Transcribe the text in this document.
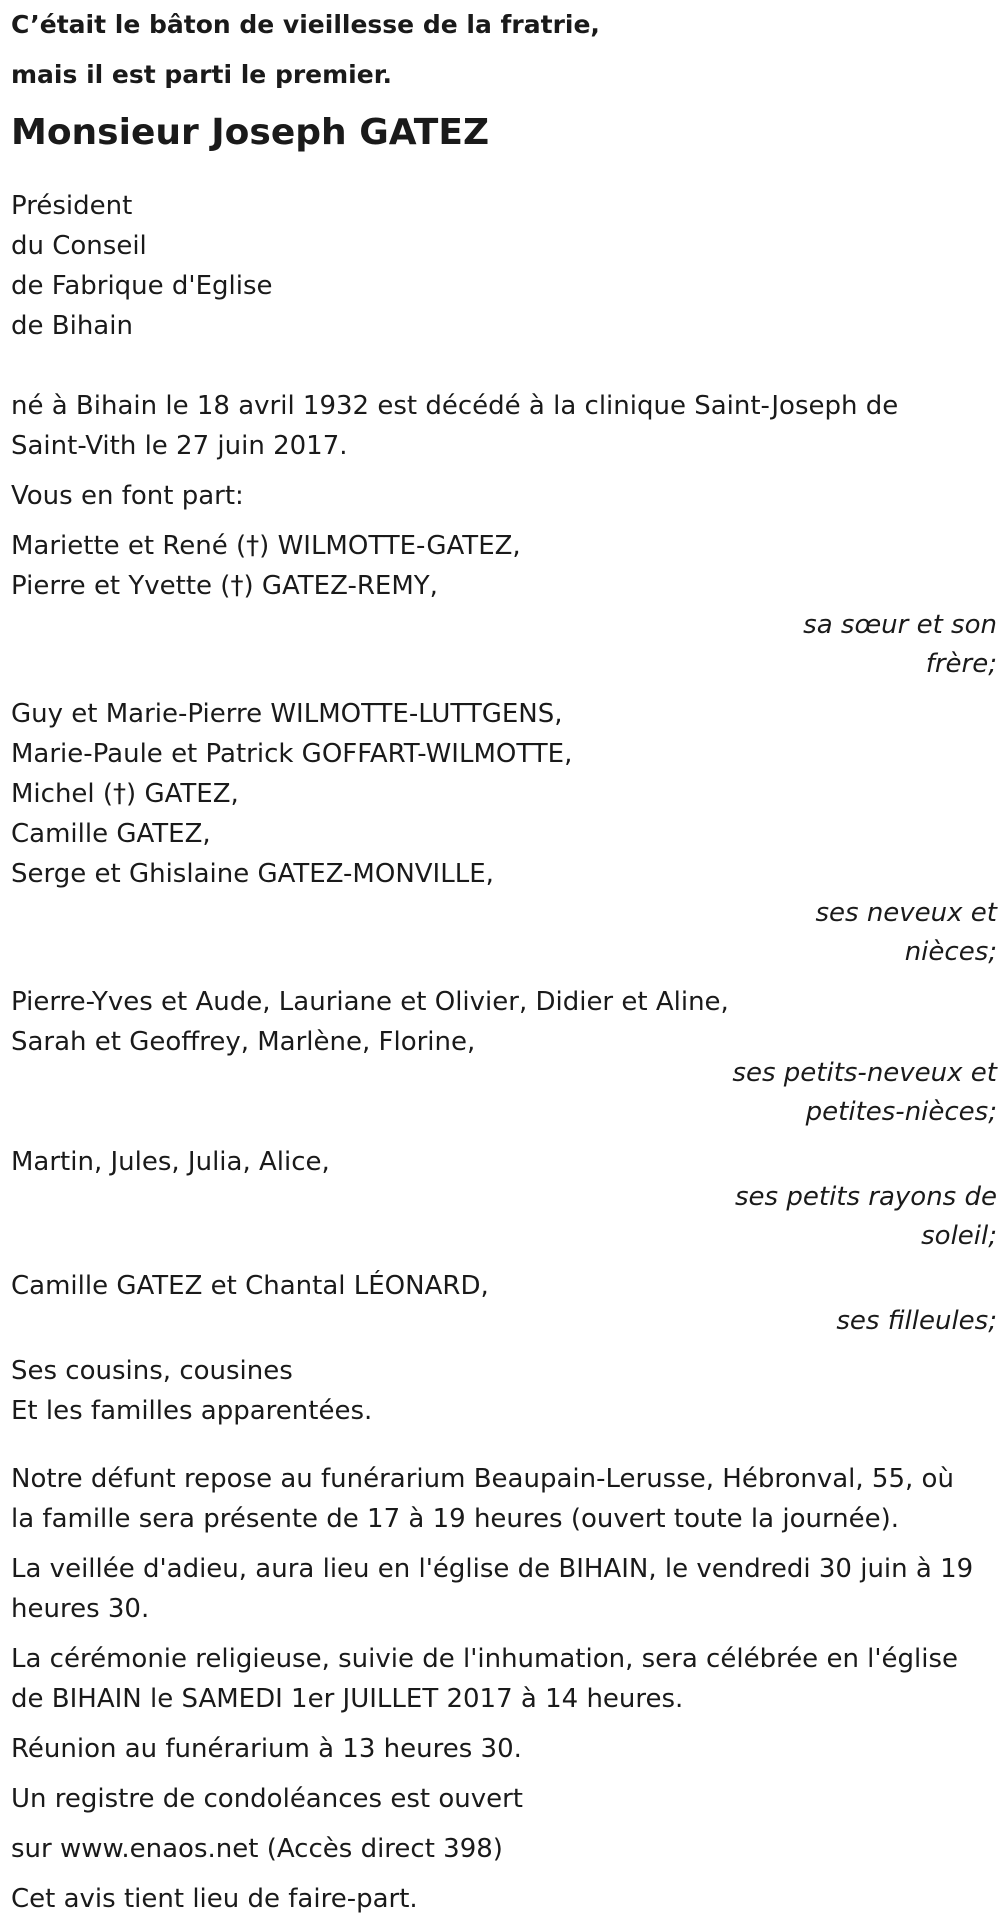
C’était le bâton de vieillesse de la fratrie,

mais il est parti le premier.

Monsieur Joseph GATEZ

Président

du Conseil

de Fabrique d'Eglise

de Bihain

né à Bihain le 18 avril 1932 est décédé à la clinique Saint-Joseph de

Saint-Vith le 27 juin 2017.

Vous en font part:

Mariette et René (†) WILMOTTE-GATEZ,

Pierre et Yvette (†) GATEZ-REMY,

sa sœur et son
frère;

Guy et Marie-Pierre WILMOTTE-LUTTGENS,

Marie-Paule et Patrick GOFFART-WILMOTTE,

Michel (†) GATEZ,

Camille GATEZ,

Serge et Ghislaine GATEZ-MONVILLE,

ses neveux et
nièces;

Pierre-Yves et Aude, Lauriane et Olivier, Didier et Aline,

Sarah et Geoffrey, Marlène, Florine,

ses petits-neveux et
petites-nièces;

Martin, Jules, Julia, Alice,

ses petits rayons de
soleil;

Camille GATEZ et Chantal LÉONARD,

ses filleules;

Ses cousins, cousines

Et les familles apparentées.

Notre défunt repose au funérarium Beaupain-Lerusse, Hébronval, 55, où

la famille sera présente de 17 à 19 heures (ouvert toute la journée).

La veillée d'adieu, aura lieu en l'église de BIHAIN, le vendredi 30 juin à 19

heures 30.

La cérémonie religieuse, suivie de l'inhumation, sera célébrée en l'église

de BIHAIN le SAMEDI 1er JUILLET 2017 à 14 heures.

Réunion au funérarium à 13 heures 30.

Un registre de condoléances est ouvert

sur www.enaos.net (Accès direct 398)

Cet avis tient lieu de faire-part.
